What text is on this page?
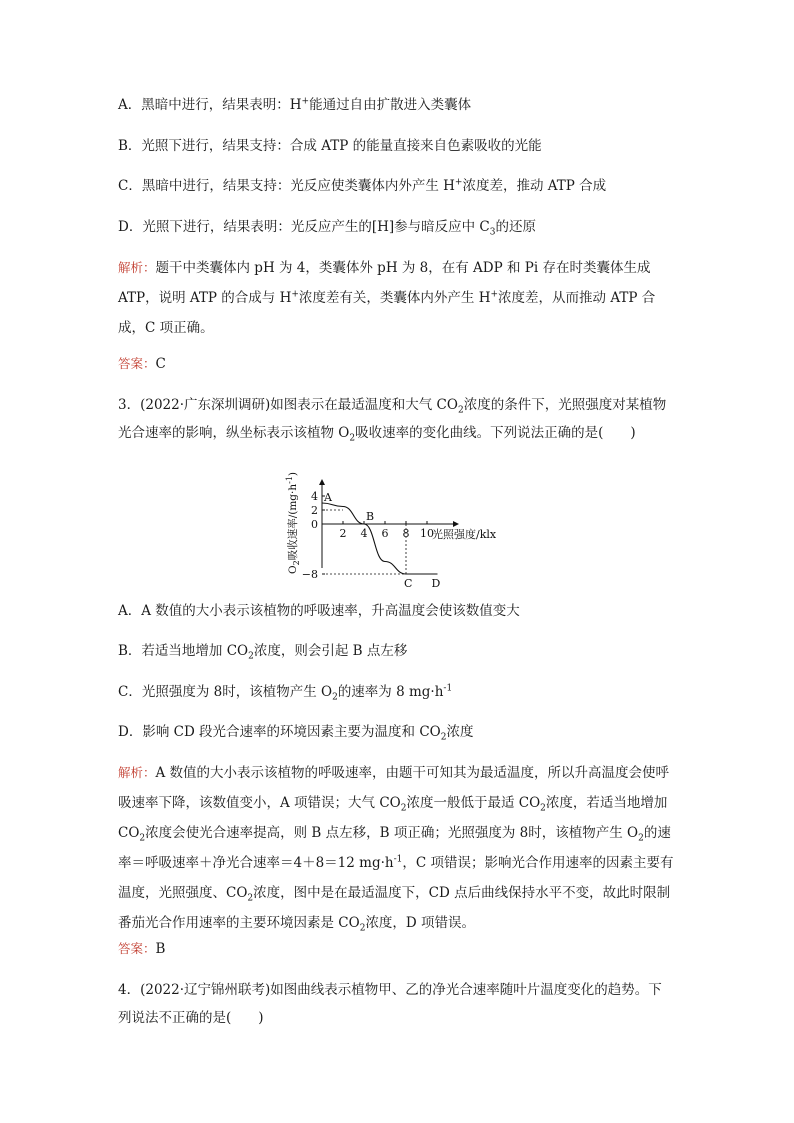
A．黑暗中进行，结果表明：H+能通过自由扩散进入类囊体
B．光照下进行，结果支持：合成 ATP 的能量直接来自色素吸收的光能
C．黑暗中进行，结果支持：光反应使类囊体内外产生 H+浓度差，推动 ATP 合成
D．光照下进行，结果表明：光反应产生的[H]参与暗反应中 $C_3$的还原
解析：题干中类囊体内 pH 为 4，类囊体外 pH 为 8，在有 ADP 和 Pi 存在时类囊体生成 ATP，说明 ATP 的合成与 H+浓度差有关，类囊体内外产生 H+浓度差，从而推动 ATP 合成，C 项正确。
答案：C
3．(2022·广东深圳调研)如图表示在最适温度和大气 $CO_2$浓度的条件下，光照强度对某植物
光合速率的影响，纵坐标表示该植物 $O_2$吸收速率的变化曲线。下列说法正确的是(　　)
$O_2$吸收速率$/(mg\cdot h^{-1})$
2 4 6 8 10
4
2
0
−8
A
B
C D
光照强度/klx
A．A 数值的大小表示该植物的呼吸速率，升高温度会使该数值变大
B．若适当地增加 $CO_2$浓度，则会引起 B 点左移
C．光照强度为 8时，该植物产生 $O_2$的速率为 8 $mg\cdot h^{-1}$
D．影响 CD 段光合速率的环境因素主要为温度和 $CO_2$浓度
解析：A 数值的大小表示该植物的呼吸速率，由题干可知其为最适温度，所以升高温度会使呼吸速率下降，该数值变小，A 项错误；大气 $CO_2$浓度一般低于最适 $CO_2$浓度，若适当地增加 $CO_2$浓度会使光合速率提高，则 B 点左移，B 项正确；光照强度为 8时，该植物产生 $O_2$的速率＝呼吸速率＋净光合速率＝4＋8＝12 $mg\cdot h^{-1}$，C 项错误；影响光合作用速率的因素主要有温度，光照强度、$CO_2$浓度，图中是在最适温度下，CD 点后曲线保持水平不变，故此时限制番茄光合作用速率的主要环境因素是 $CO_2$浓度，D 项错误。
答案：B
4．(2022·辽宁锦州联考)如图曲线表示植物甲、乙的净光合速率随叶片温度变化的趋势。下
列说法不正确的是(　　)
